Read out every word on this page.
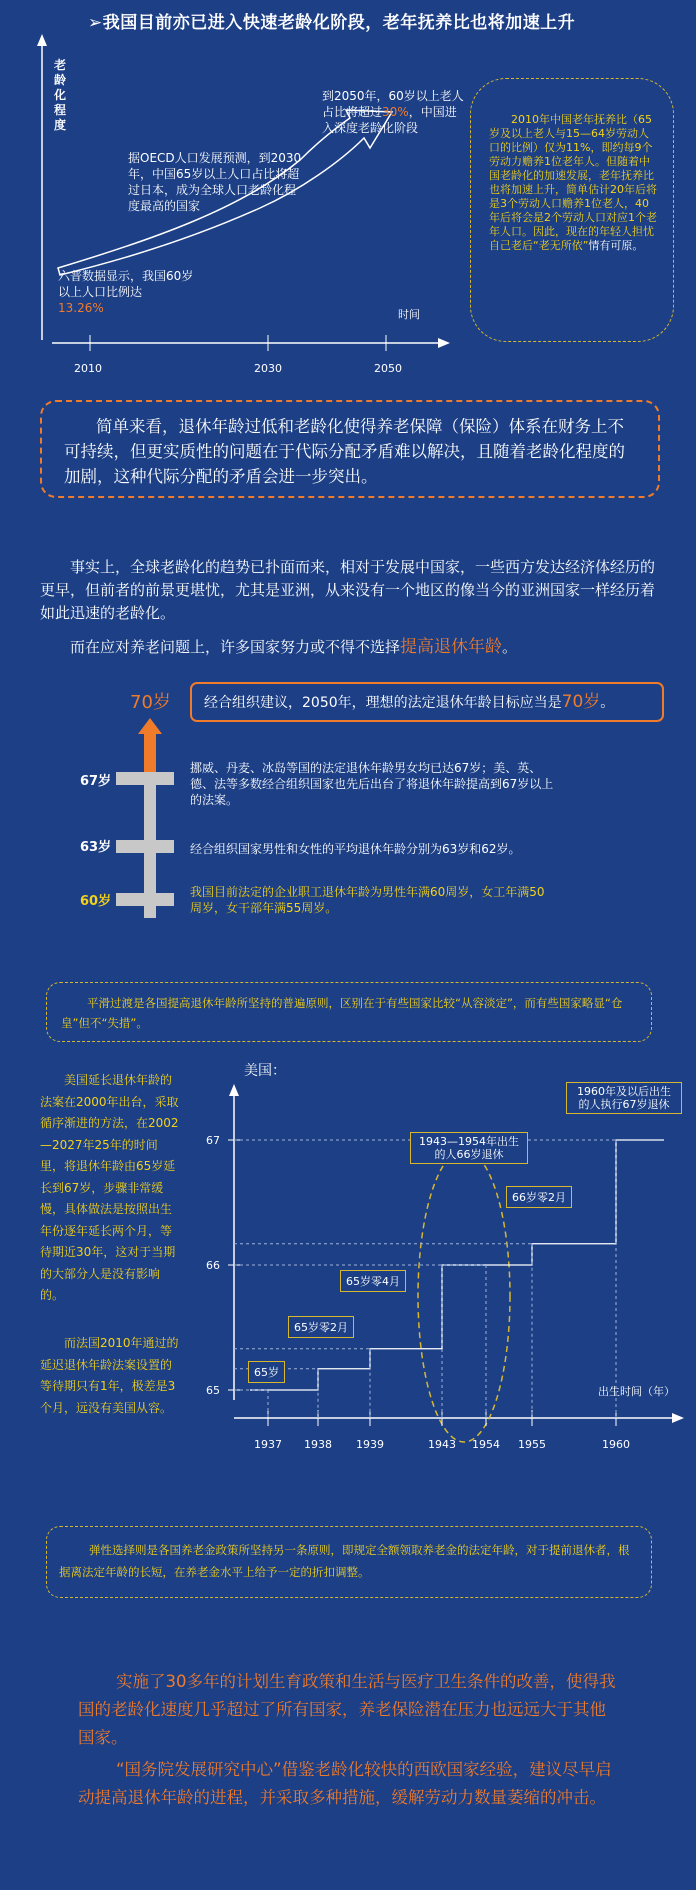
➢我国目前亦已进入快速老龄化阶段，老年抚养比也将加速上升
2010	2030	2050
时间
老龄化程度
六普数据显示，我国60岁以上人口比例达
13.26%
据OECD人口发展预测，到2030年，中国65岁以上人口占比将超过日本，成为全球人口老龄化程度最高的国家
到2050年，60岁以上老人占比将超过30%，中国进入深度老龄化阶段
2010年中国老年抚养比（65岁及以上老人与15—64岁劳动人口的比例）仅为11%，即约每9个劳动力赡养1位老年人。但随着中国老龄化的加速发展，老年抚养比也将加速上升，简单估计20年后将是3个劳动人口赡养1位老人，40年后将会是2个劳动人口对应1个老年人口。因此，现在的年轻人担忧自己老后“老无所依”情有可原。
简单来看，退休年龄过低和老龄化使得养老保障（保险）体系在财务上不可持续，但更实质性的问题在于代际分配矛盾难以解决，且随着老龄化程度的加剧，这种代际分配的矛盾会进一步突出。
事实上，全球老龄化的趋势已扑面而来，相对于发展中国家，一些西方发达经济体经历的更早，但前者的前景更堪忧，尤其是亚洲，从来没有一个地区的像当今的亚洲国家一样经历着如此迅速的老龄化。
而在应对养老问题上，许多国家努力或不得不选择提高退休年龄。
70岁	经合组织建议，2050年，理想的法定退休年龄目标应当是70岁。
67岁
挪威、丹麦、冰岛等国的法定退休年龄男女均已达67岁；美、英、德、法等多数经合组织国家也先后出台了将退休年龄提高到67岁以上的法案。
63岁	经合组织国家男性和女性的平均退休年龄分别为63岁和62岁。
60岁
我国目前法定的企业职工退休年龄为男性年满60周岁，女工年满50周岁，女干部年满55周岁。
平滑过渡是各国提高退休年龄所坚持的普遍原则，区别在于有些国家比较“从容淡定”，而有些国家略显“仓皇”但不“失措”。
美国延长退休年龄的法案在2000年出台，采取循序渐进的方法，在2002—2027年25年的时间里，将退休年龄由65岁延长到67岁，步骤非常缓慢，具体做法是按照出生年份逐年延长两个月，等待期近30年，这对于当期的大部分人是没有影响的。
而法国2010年通过的延迟退休年龄法案设置的等待期只有1年，极差是3个月，远没有美国从容。
美国：
出生时间（年）
67
66
65
1937 1938 1939	1943 1954 1955	1960
65岁
65岁零2月
65岁零4月
1943—1954年出生的人66岁退休
66岁零2月
1960年及以后出生的人执行67岁退休
弹性选择则是各国养老金政策所坚持另一条原则，即规定全额领取养老金的法定年龄，对于提前退休者，根据离法定年龄的长短，在养老金水平上给予一定的折扣调整。
实施了30多年的计划生育政策和生活与医疗卫生条件的改善，使得我国的老龄化速度几乎超过了所有国家，养老保险潜在压力也远远大于其他国家。
“国务院发展研究中心”借鉴老龄化较快的西欧国家经验，建议尽早启动提高退休年龄的进程，并采取多种措施，缓解劳动力数量萎缩的冲击。
